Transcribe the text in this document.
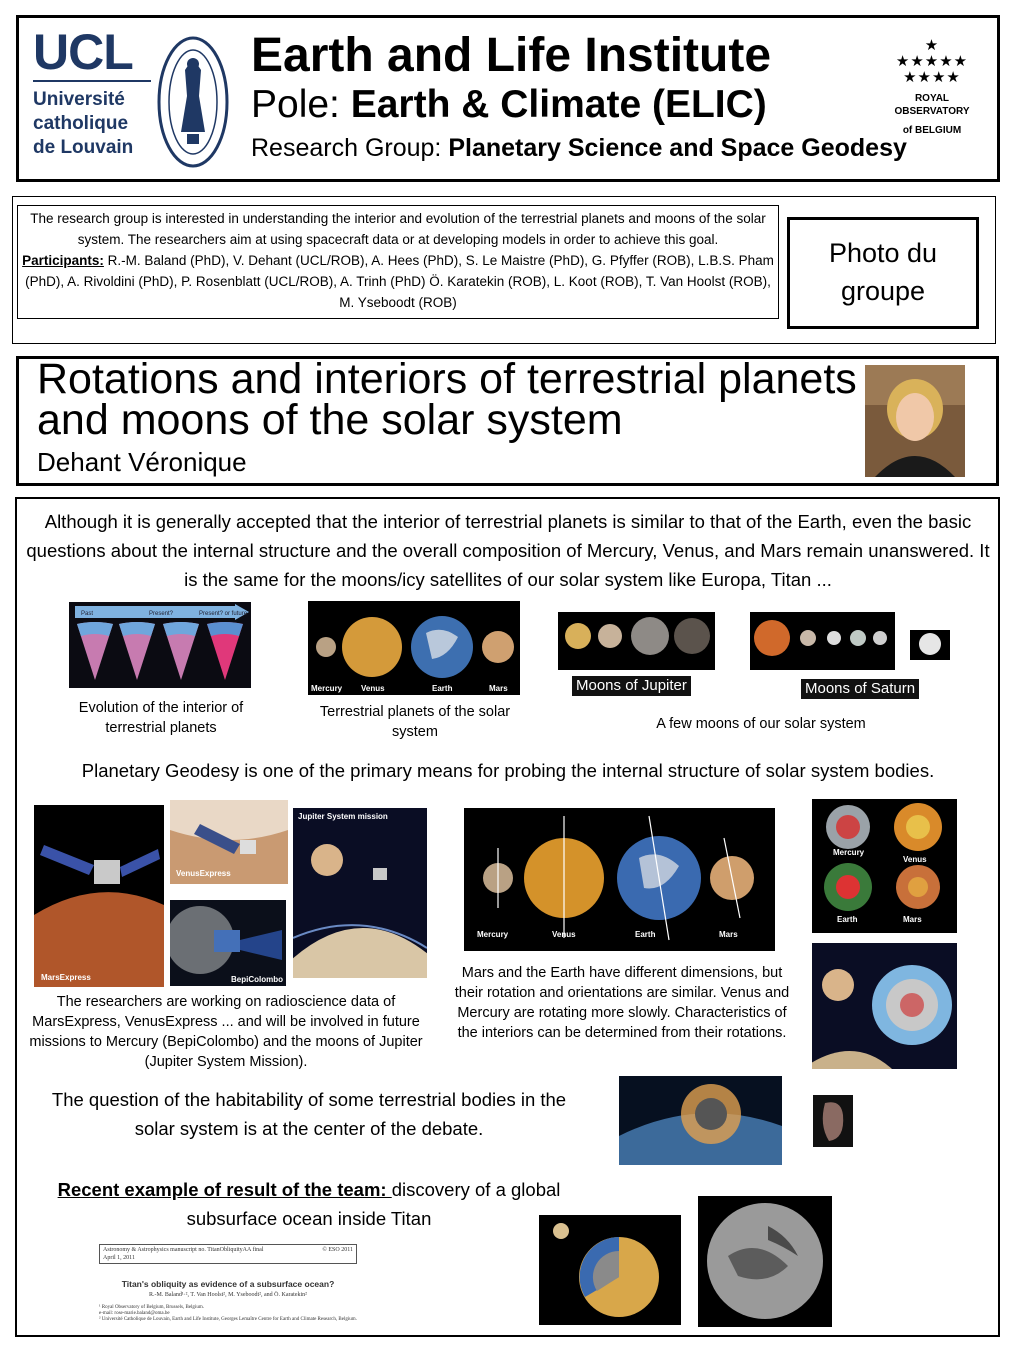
UCL
Université
catholique
de Louvain
Earth and Life Institute
Pole: Earth & Climate (ELIC)
Research Group: Planetary Science and Space Geodesy
★
★★★★★
★★★★
ROYAL OBSERVATORY
of BELGIUM
The research group is interested in understanding the interior and evolution of the terrestrial planets and moons of the solar system. The researchers aim at using spacecraft data or at developing models in order to achieve this goal.
Participants: R.-M. Baland (PhD), V. Dehant (UCL/ROB), A. Hees (PhD), S. Le Maistre (PhD), G. Pfyffer (ROB), L.B.S. Pham (PhD), A. Rivoldini (PhD), P. Rosenblatt (UCL/ROB), A. Trinh (PhD) Ö. Karatekin (ROB), L. Koot (ROB), T. Van Hoolst (ROB), M. Yseboodt (ROB)
Photo du groupe
Rotations and interiors of terrestrial planets and moons of the solar system
Dehant Véronique
Although it is generally accepted that the interior of terrestrial planets is similar to that of the Earth, even the basic questions about the internal structure and the overall composition of Mercury, Venus, and Mars remain unanswered. It is the same for the moons/icy satellites of our solar system like Europa, Titan ...
Past	Present?	Present? or future
Evolution of the interior of terrestrial planets
Mercury Venus	Earth	Mars
Terrestrial planets of the solar system
Moons of Jupiter	Moons of Saturn
A few moons of our solar system
Planetary Geodesy is one of the primary means for probing the internal structure of solar system bodies.
MarsExpress
VenusExpress
BepiColombo
Jupiter System mission
The researchers are working on radioscience data of MarsExpress, VenusExpress ... and will be involved in future missions to Mercury (BepiColombo) and the moons of Jupiter (Jupiter System Mission).
Mercury	Venus	Earth	Mars
Mars and the Earth have different dimensions, but their rotation and orientations are similar. Venus and Mercury are rotating more slowly. Characteristics of the interiors can be determined from their rotations.
Mercury
Venus
Earth	Mars
The question of the habitability of some terrestrial bodies in the solar system is at the center of the debate.
Recent example of result of the team: discovery of a global subsurface ocean inside Titan
Astronomy & Astrophysics manuscript no. TitanObliquityAA final
April 1, 2011
© ESO 2011
Titan's obliquity as evidence of a subsurface ocean?
R.-M. Baland¹·², T. Van Hoolst², M. Yseboodt², and Ö. Karatekin²
¹ Royal Observatory of Belgium, Brussels, Belgium.
e-mail: rose-marie.baland@oma.be
² Université Catholique de Louvain, Earth and Life Institute, Georges Lemaître Centre for Earth and Climate Research, Belgium.
